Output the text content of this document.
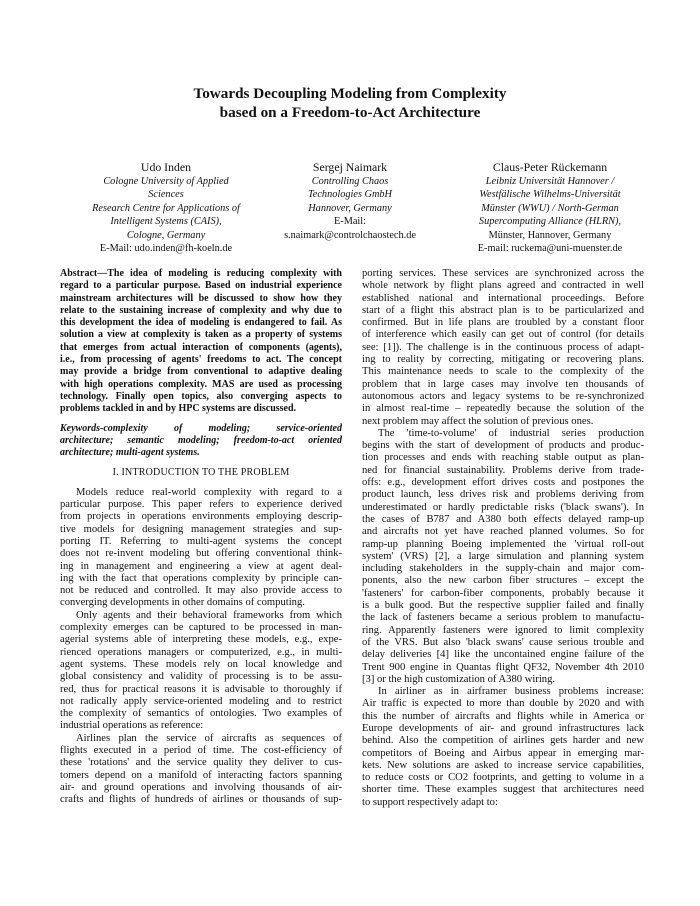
Towards Decoupling Modeling from Complexity
based on a Freedom-to-Act Architecture
Udo Inden
Cologne University of Applied
Sciences
Research Centre for Applications of
Intelligent Systems (CAIS),
Cologne, Germany
E-Mail: udo.inden@fh-koeln.de
Sergej Naimark
Controlling Chaos
Technologies GmbH
Hannover, Germany
E-Mail:
s.naimark@controlchaostech.de
Claus-Peter Rückemann
Leibniz Universität Hannover /
Westfälische Wilhelms-Universität
Münster (WWU) / North-German
Supercomputing Alliance (HLRN),
Münster, Hannover, Germany
E-mail: ruckema@uni-muenster.de
Abstract—The idea of modeling is reducing complexity with
regard to a particular purpose. Based on industrial experience
mainstream architectures will be discussed to show how they
relate to the sustaining increase of complexity and why due to
this development the idea of modeling is endangered to fail. As
solution a view at complexity is taken as a property of systems
that emerges from actual interaction of components (agents),
i.e., from processing of agents' freedoms to act. The concept
may provide a bridge from conventional to adaptive dealing
with high operations complexity. MAS are used as processing
technology. Finally open topics, also converging aspects to
problems tackled in and by HPC systems are discussed.
Keywords-complexity of modeling; service-oriented
architecture; semantic modeling; freedom-to-act oriented
architecture; multi-agent systems.
I. INTRODUCTION TO THE PROBLEM
Models reduce real-world complexity with regard to a
particular purpose. This paper refers to experience derived
from projects in operations environments employing descrip-
tive models for designing management strategies and sup-
porting IT. Referring to multi-agent systems the concept
does not re-invent modeling but offering conventional think-
ing in management and engineering a view at agent deal-
ing with the fact that operations complexity by principle can-
not be reduced and controlled. It may also provide access to
converging developments in other domains of computing.
Only agents and their behavioral frameworks from which
complexity emerges can be captured to be processed in man-
agerial systems able of interpreting these models, e.g., expe-
rienced operations managers or computerized, e.g., in multi-
agent systems. These models rely on local knowledge and
global consistency and validity of processing is to be assu-
red, thus for practical reasons it is advisable to thoroughly if
not radically apply service-oriented modeling and to restrict
the complexity of semantics of ontologies. Two examples of
industrial operations as reference:
Airlines plan the service of aircrafts as sequences of
flights executed in a period of time. The cost-efficiency of
these 'rotations' and the service quality they deliver to cus-
tomers depend on a manifold of interacting factors spanning
air- and ground operations and involving thousands of air-
crafts and flights of hundreds of airlines or thousands of sup-
porting services. These services are synchronized across the
whole network by flight plans agreed and contracted in well
established national and international proceedings. Before
start of a flight this abstract plan is to be particularized and
confirmed. But in life plans are troubled by a constant floor
of interference which easily can get out of control (for details
see: [1]). The challenge is in the continuous process of adapt-
ing to reality by correcting, mitigating or recovering plans.
This maintenance needs to scale to the complexity of the
problem that in large cases may involve ten thousands of
autonomous actors and legacy systems to be re-synchronized
in almost real-time – repeatedly because the solution of the
next problem may affect the solution of previous ones.
The 'time-to-volume' of industrial series production
begins with the start of development of products and produc-
tion processes and ends with reaching stable output as plan-
ned for financial sustainability. Problems derive from trade-
offs: e.g., development effort drives costs and postpones the
product launch, less drives risk and problems deriving from
underestimated or hardly predictable risks ('black swans'). In
the cases of B787 and A380 both effects delayed ramp-up
and aircrafts not yet have reached planned volumes. So for
ramp-up planning Boeing implemented the 'virtual roll-out
system' (VRS) [2], a large simulation and planning system
including stakeholders in the supply-chain and major com-
ponents, also the new carbon fiber structures – except the
'fasteners' for carbon-fiber components, probably because it
is a bulk good. But the respective supplier failed and finally
the lack of fasteners became a serious problem to manufactu-
ring. Apparently fasteners were ignored to limit complexity
of the VRS. But also 'black swans' cause serious trouble and
delay deliveries [4] like the uncontained engine failure of the
Trent 900 engine in Quantas flight QF32, November 4th 2010
[3] or the high customization of A380 wiring.
In airliner as in airframer business problems increase:
Air traffic is expected to more than double by 2020 and with
this the number of aircrafts and flights while in America or
Europe developments of air- and ground infrastructures lack
behind. Also the competition of airlines gets harder and new
competitors of Boeing and Airbus appear in emerging mar-
kets. New solutions are asked to increase service capabilities,
to reduce costs or CO2 footprints, and getting to volume in a
shorter time. These examples suggest that architectures need
to support respectively adapt to:
